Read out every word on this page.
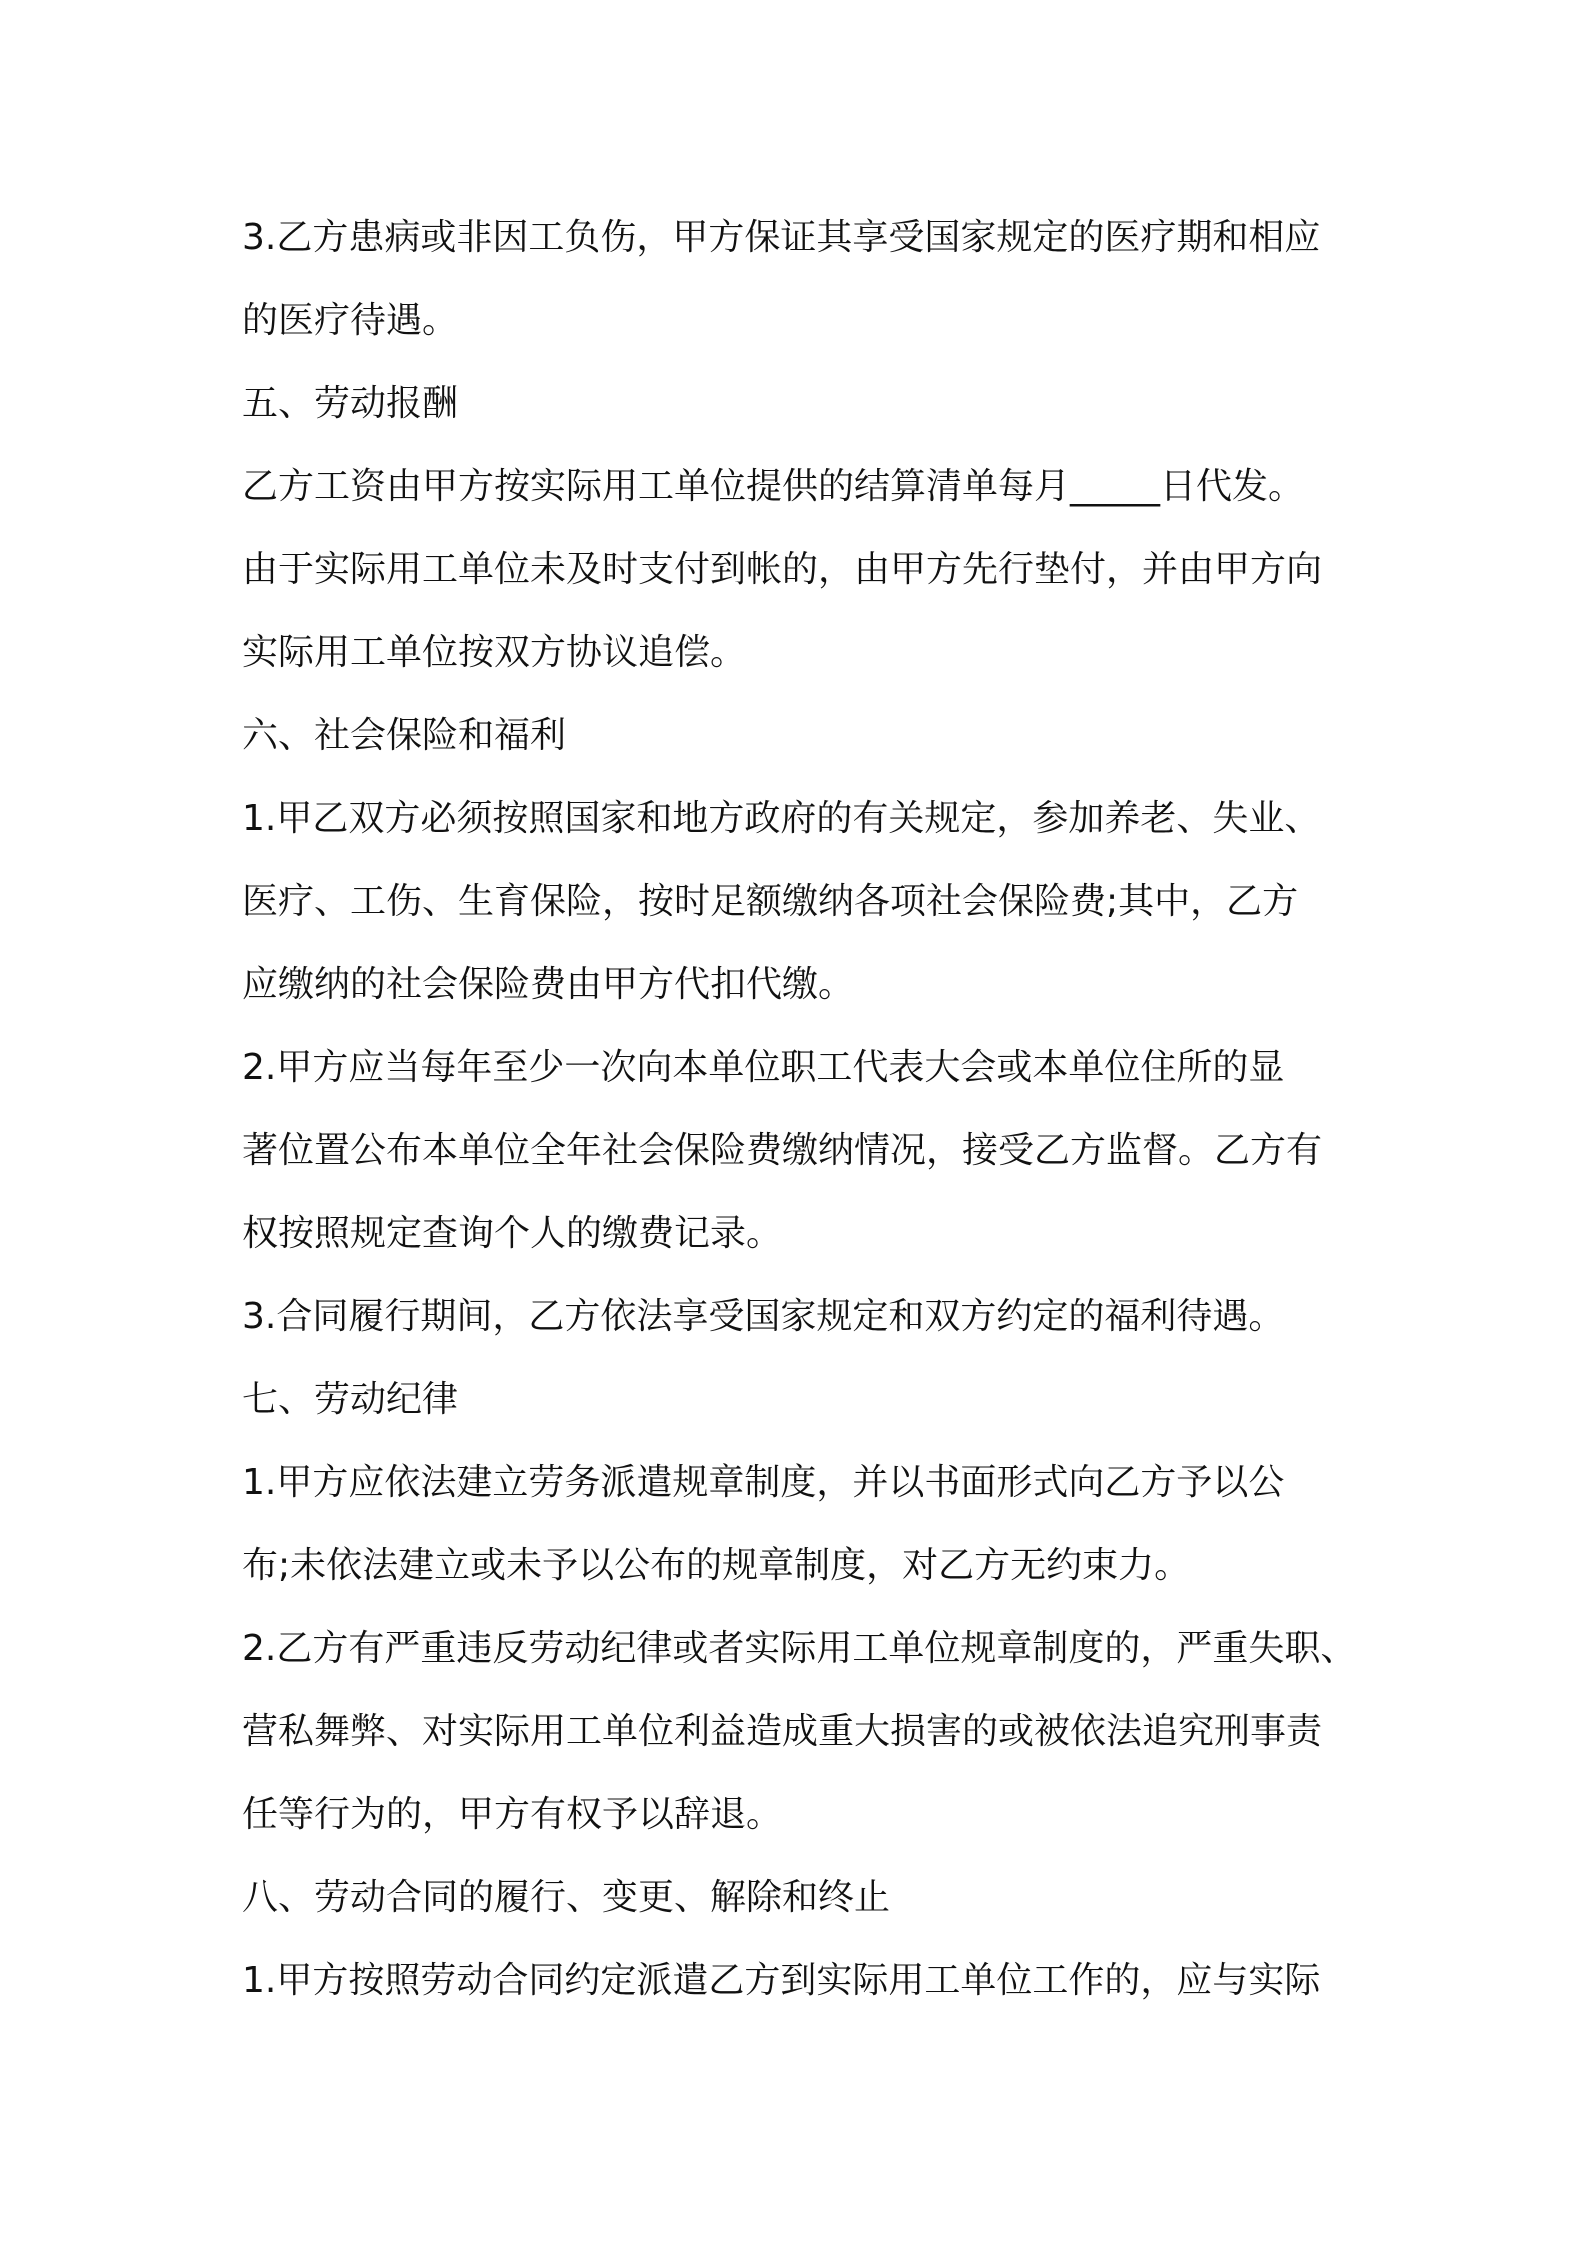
3.乙方患病或非因工负伤，甲方保证其享受国家规定的医疗期和相应
的医疗待遇。
五、劳动报酬
乙方工资由甲方按实际用工单位提供的结算清单每月_____日代发。
由于实际用工单位未及时支付到帐的，由甲方先行垫付，并由甲方向
实际用工单位按双方协议追偿。
六、社会保险和福利
1.甲乙双方必须按照国家和地方政府的有关规定，参加养老、失业、
医疗、工伤、生育保险，按时足额缴纳各项社会保险费;其中，乙方
应缴纳的社会保险费由甲方代扣代缴。
2.甲方应当每年至少一次向本单位职工代表大会或本单位住所的显
著位置公布本单位全年社会保险费缴纳情况，接受乙方监督。乙方有
权按照规定查询个人的缴费记录。
3.合同履行期间，乙方依法享受国家规定和双方约定的福利待遇。
七、劳动纪律
1.甲方应依法建立劳务派遣规章制度，并以书面形式向乙方予以公
布;未依法建立或未予以公布的规章制度，对乙方无约束力。
2.乙方有严重违反劳动纪律或者实际用工单位规章制度的，严重失职、
营私舞弊、对实际用工单位利益造成重大损害的或被依法追究刑事责
任等行为的，甲方有权予以辞退。
八、劳动合同的履行、变更、解除和终止
1.甲方按照劳动合同约定派遣乙方到实际用工单位工作的，应与实际
